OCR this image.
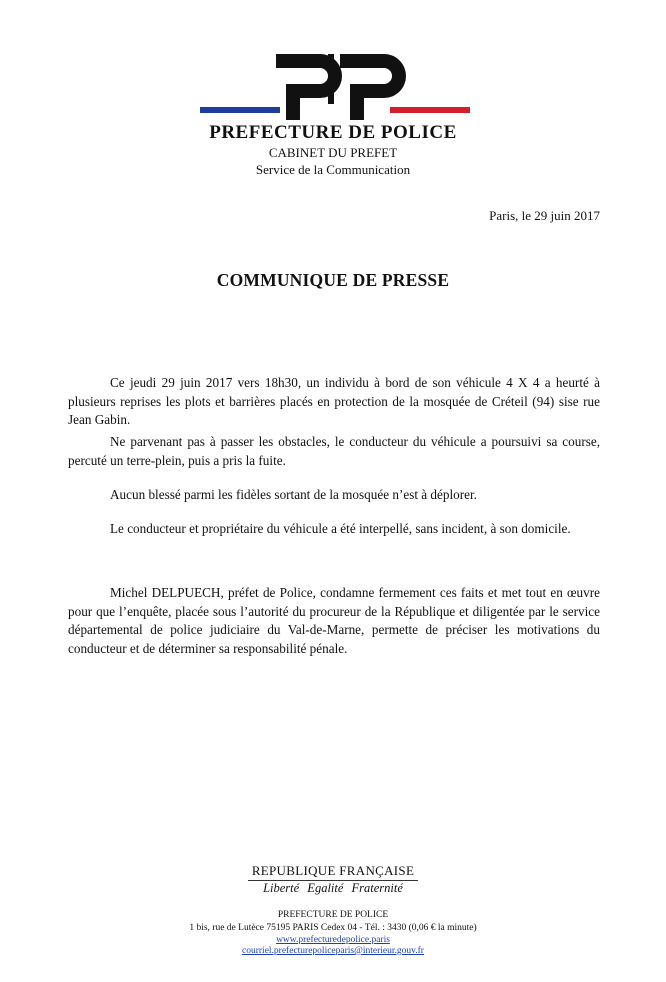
PREFECTURE DE POLICE
CABINET DU PREFET
Service de la Communication
Paris, le 29 juin 2017
COMMUNIQUE DE PRESSE

Ce jeudi 29 juin 2017 vers 18h30, un individu à bord de son véhicule 4 X 4 a heurté à plusieurs reprises les plots et barrières placés en protection de la mosquée de Créteil (94) sise rue Jean Gabin.

Ne parvenant pas à passer les obstacles, le conducteur du véhicule a poursuivi sa course, percuté un terre-plein, puis a pris la fuite.

Aucun blessé parmi les fidèles sortant de la mosquée n’est à déplorer.

Le conducteur et propriétaire du véhicule a été interpellé, sans incident, à son domicile.

Michel DELPUECH, préfet de Police, condamne fermement ces faits et met tout en œuvre pour que l’enquête, placée sous l’autorité du procureur de la République et diligentée par le service départemental de police judiciaire du Val-de-Marne, permette de préciser les motivations du conducteur et de déterminer sa responsabilité pénale.

REPUBLIQUE FRANÇAISE
Liberté Egalité Fraternité
PREFECTURE DE POLICE
1 bis, rue de Lutèce 75195 PARIS Cedex 04 - Tél. : 3430 (0,06 € la minute)
www.prefecturedepolice.paris
courriel.prefecturepoliceparis@interieur.gouv.fr
